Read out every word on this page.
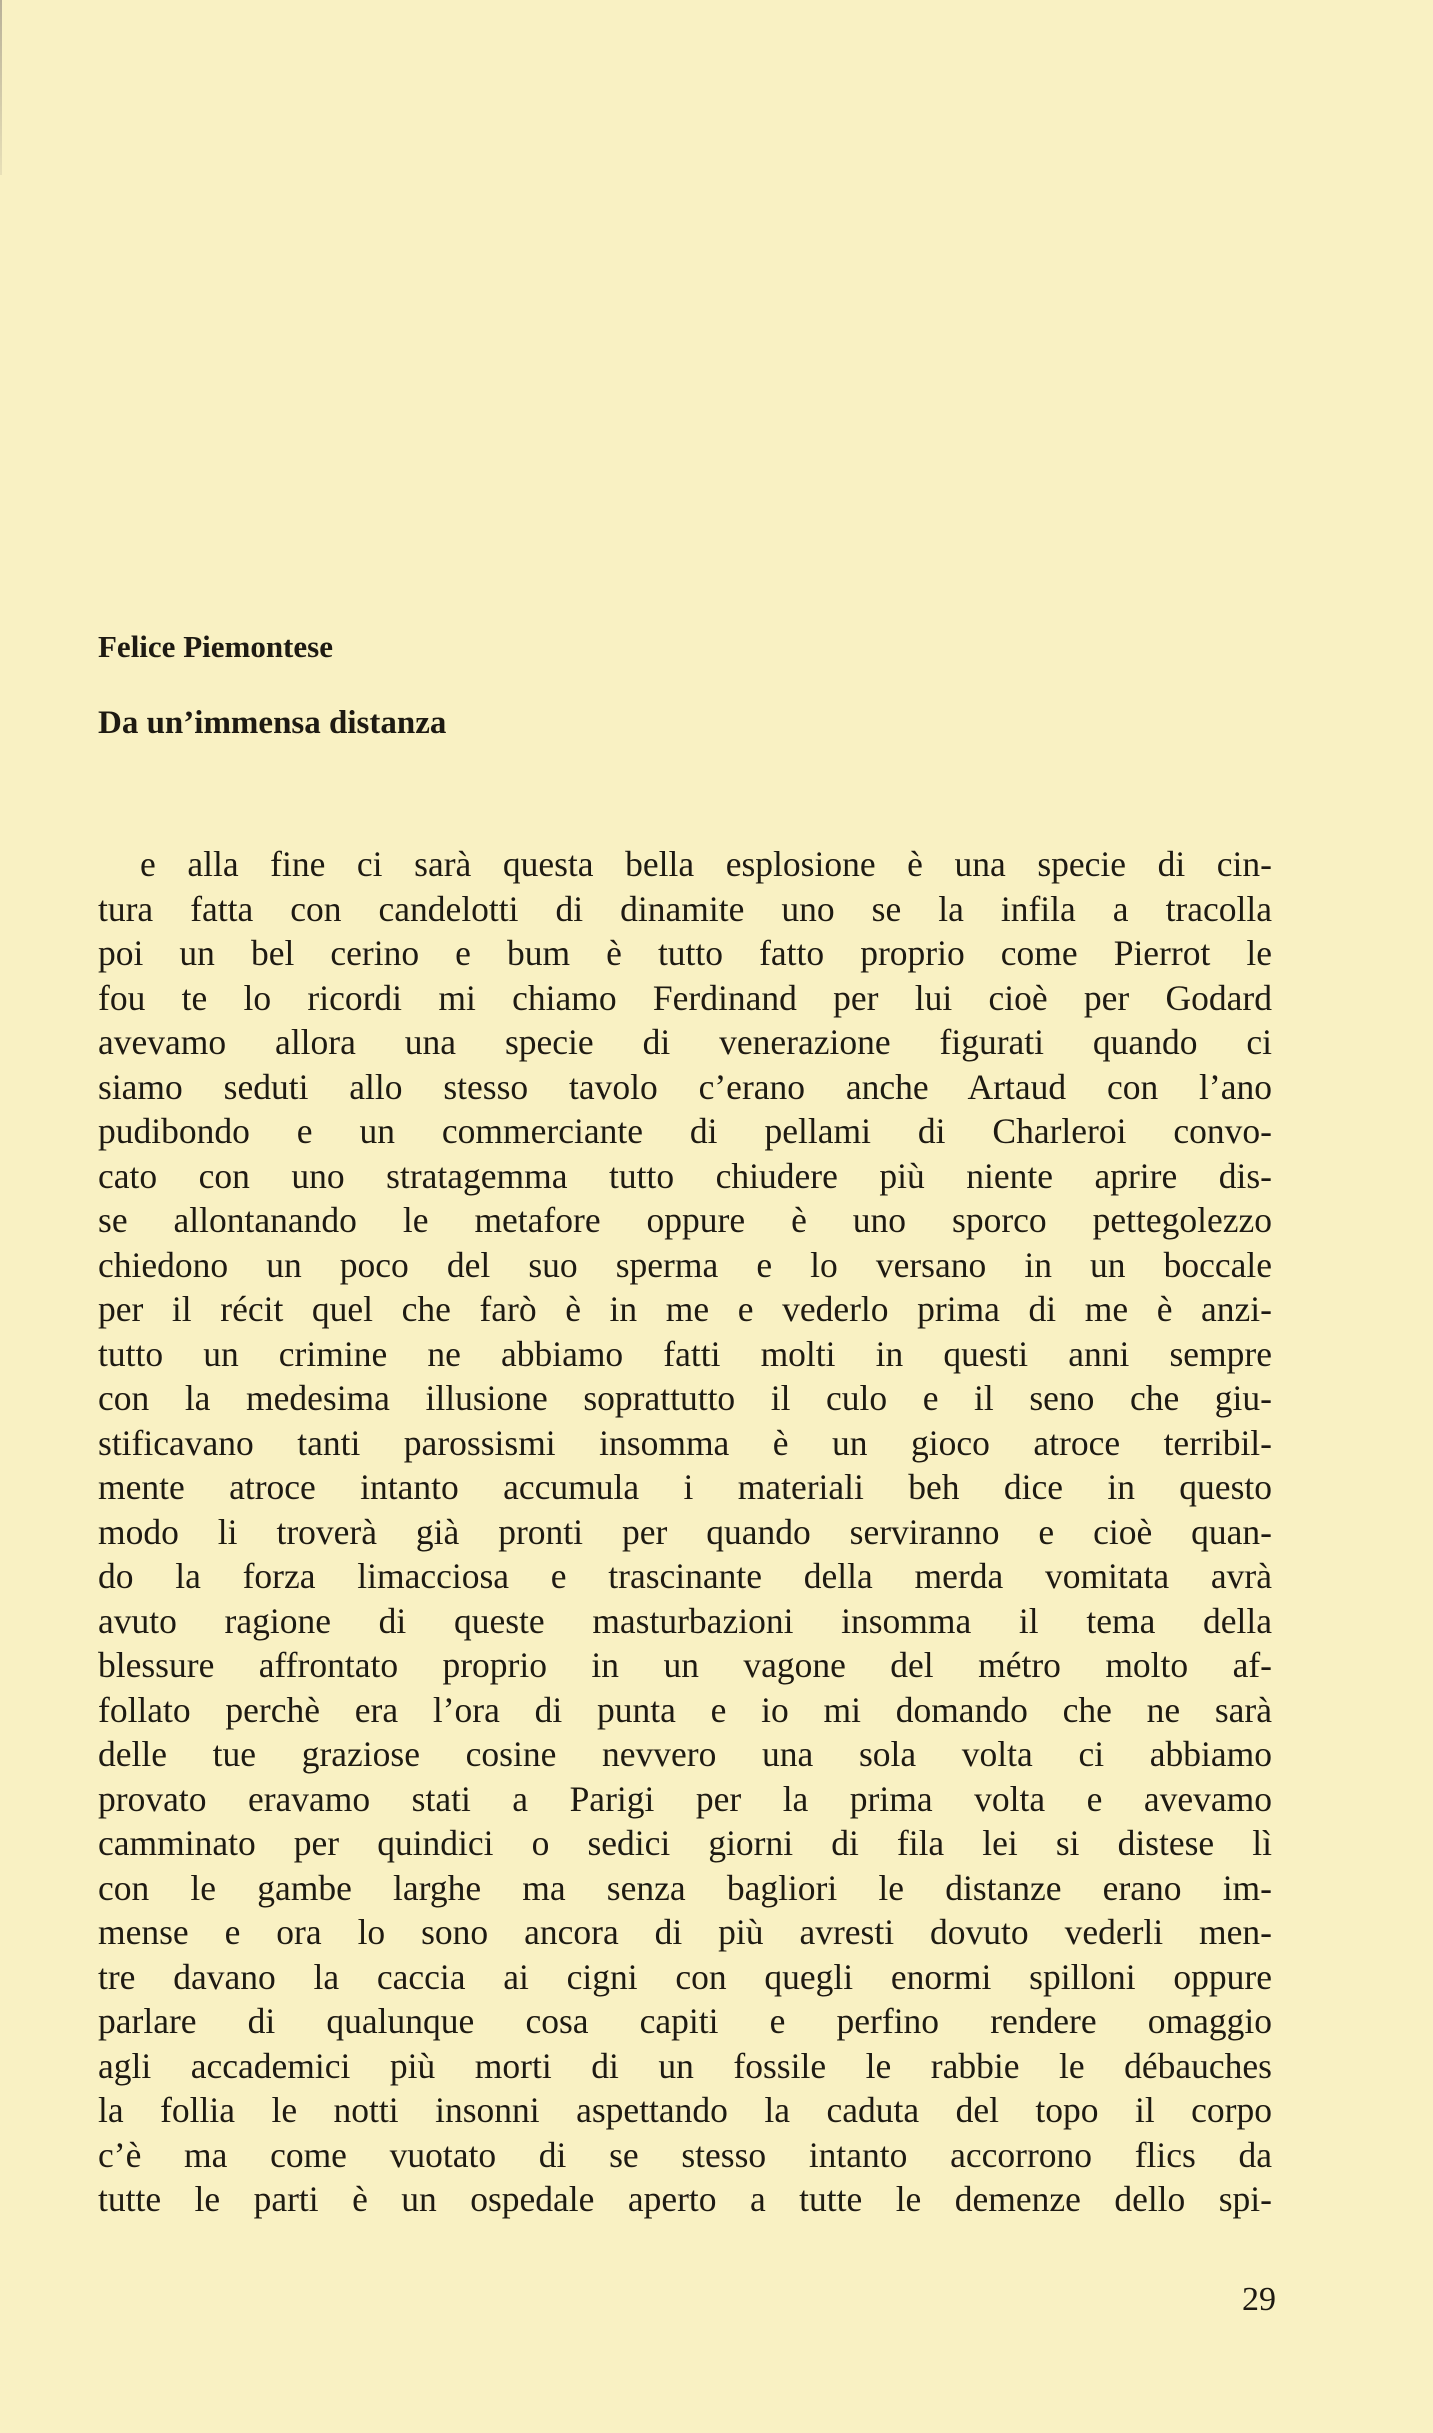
Felice Piemontese
Da un’immensa distanza
e alla fine ci sarà questa bella esplosione è una specie di cin-
tura fatta con candelotti di dinamite uno se la infila a tracolla
poi un bel cerino e bum è tutto fatto proprio come Pierrot le
fou te lo ricordi mi chiamo Ferdinand per lui cioè per Godard
avevamo allora una specie di venerazione figurati quando ci
siamo seduti allo stesso tavolo c’erano anche Artaud con l’ano
pudibondo e un commerciante di pellami di Charleroi convo-
cato con uno stratagemma tutto chiudere più niente aprire dis-
se allontanando le metafore oppure è uno sporco pettegolezzo
chiedono un poco del suo sperma e lo versano in un boccale
per il récit quel che farò è in me e vederlo prima di me è anzi-
tutto un crimine ne abbiamo fatti molti in questi anni sempre
con la medesima illusione soprattutto il culo e il seno che giu-
stificavano tanti parossismi insomma è un gioco atroce terribil-
mente atroce intanto accumula i materiali beh dice in questo
modo li troverà già pronti per quando serviranno e cioè quan-
do la forza limacciosa e trascinante della merda vomitata avrà
avuto ragione di queste masturbazioni insomma il tema della
blessure affrontato proprio in un vagone del métro molto af-
follato perchè era l’ora di punta e io mi domando che ne sarà
delle tue graziose cosine nevvero una sola volta ci abbiamo
provato eravamo stati a Parigi per la prima volta e avevamo
camminato per quindici o sedici giorni di fila lei si distese lì
con le gambe larghe ma senza bagliori le distanze erano im-
mense e ora lo sono ancora di più avresti dovuto vederli men-
tre davano la caccia ai cigni con quegli enormi spilloni oppure
parlare di qualunque cosa capiti e perfino rendere omaggio
agli accademici più morti di un fossile le rabbie le débauches
la follia le notti insonni aspettando la caduta del topo il corpo
c’è ma come vuotato di se stesso intanto accorrono flics da
tutte le parti è un ospedale aperto a tutte le demenze dello spi-

29
